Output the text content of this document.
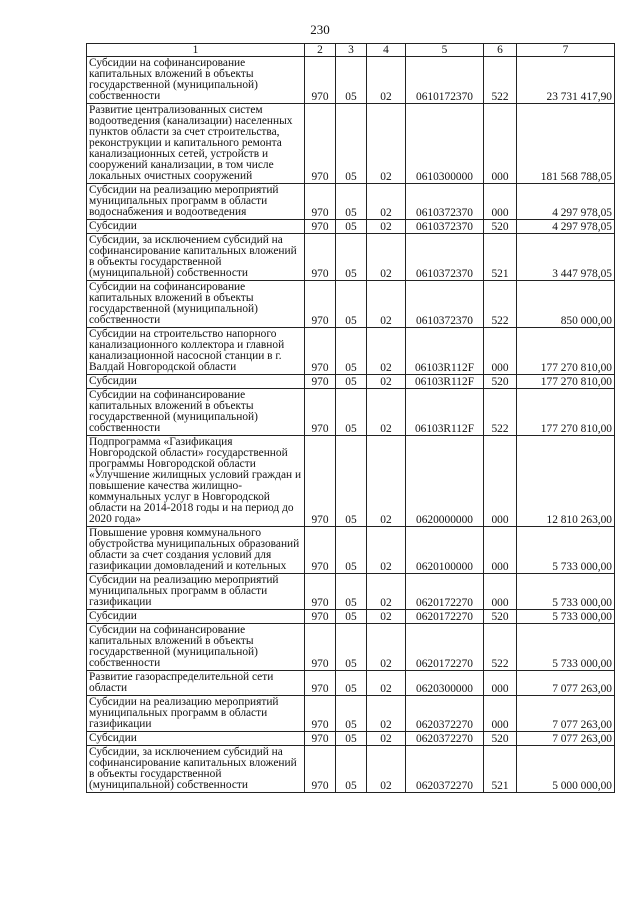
230
1	2	3	4	5	6	7
Субсидии на софинансирование капитальных вложений в объекты государственной (муниципальной) собственности	970	05	02	0610172370	522	23 731 417,90
Развитие централизованных систем водоотведения (канализации) населенных пунктов области за счет строительства, реконструкции и капитального ремонта канализационных сетей, устройств и сооружений канализации, в том числе локальных очистных сооружений	970	05	02	0610300000	000	181 568 788,05
Субсидии на реализацию мероприятий муниципальных программ в области водоснабжения и водоотведения	970	05	02	0610372370	000	4 297 978,05
Субсидии	970	05	02	0610372370	520	4 297 978,05
Субсидии, за исключением субсидий на софинансирование капитальных вложений в объекты государственной (муниципальной) собственности	970	05	02	0610372370	521	3 447 978,05
Субсидии на софинансирование капитальных вложений в объекты государственной (муниципальной) собственности	970	05	02	0610372370	522	850 000,00
Субсидии на строительство напорного канализационного коллектора и главной канализационной насосной станции в г. Валдай Новгородской области	970	05	02	06103R112F	000	177 270 810,00
Субсидии	970	05	02	06103R112F	520	177 270 810,00
Субсидии на софинансирование капитальных вложений в объекты государственной (муниципальной) собственности	970	05	02	06103R112F	522	177 270 810,00
Подпрограмма «Газификация Новгородской области» государственной программы Новгородской области «Улучшение жилищных условий граждан и повышение качества жилищно-коммунальных услуг в Новгородской области на 2014-2018 годы и на период до 2020 года»	970	05	02	0620000000	000	12 810 263,00
Повышение уровня коммунального обустройства муниципальных образований области за счет создания условий для газификации домовладений и котельных	970	05	02	0620100000	000	5 733 000,00
Субсидии на реализацию мероприятий муниципальных программ в области газификации	970	05	02	0620172270	000	5 733 000,00
Субсидии	970	05	02	0620172270	520	5 733 000,00
Субсидии на софинансирование капитальных вложений в объекты государственной (муниципальной) собственности	970	05	02	0620172270	522	5 733 000,00
Развитие газораспределительной сети области	970	05	02	0620300000	000	7 077 263,00
Субсидии на реализацию мероприятий муниципальных программ в области газификации	970	05	02	0620372270	000	7 077 263,00
Субсидии	970	05	02	0620372270	520	7 077 263,00
Субсидии, за исключением субсидий на софинансирование капитальных вложений в объекты государственной (муниципальной) собственности	970	05	02	0620372270	521	5 000 000,00
